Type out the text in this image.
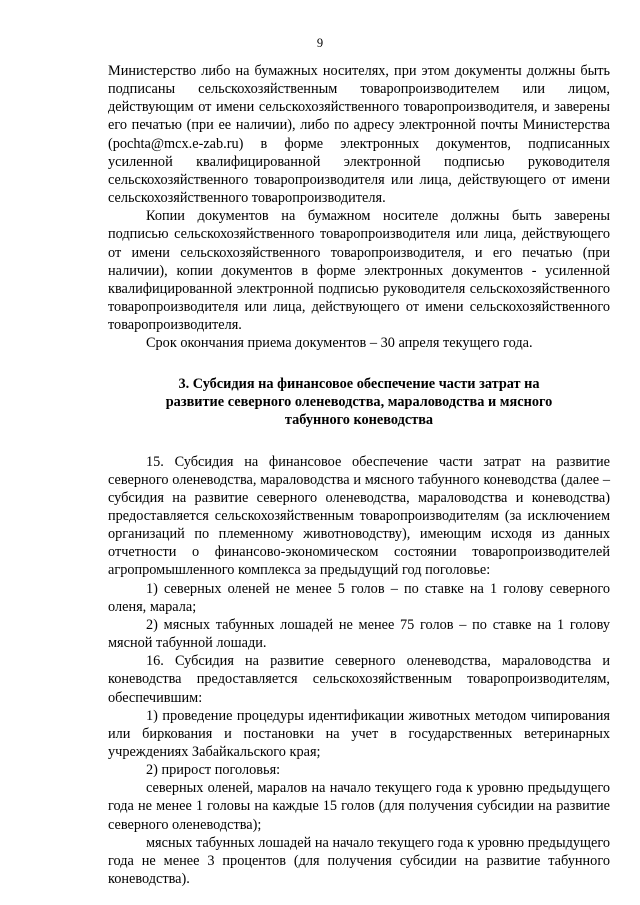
9

Министерство либо на бумажных носителях, при этом документы должны быть подписаны сельскохозяйственным товаропроизводителем или лицом, действующим от имени сельскохозяйственного товаропроизводителя, и заверены его печатью (при ее наличии), либо по адресу электронной почты Министерства (pochta@mcx.e-zab.ru) в форме электронных документов, подписанных усиленной квалифицированной электронной подписью руководителя сельскохозяйственного товаропроизводителя или лица, действующего от имени сельскохозяйственного товаропроизводителя.

Копии документов на бумажном носителе должны быть заверены подписью сельскохозяйственного товаропроизводителя или лица, действующего от имени сельскохозяйственного товаропроизводителя, и его печатью (при наличии), копии документов в форме электронных документов - усиленной квалифицированной электронной подписью руководителя сельскохозяйственного товаропроизводителя или лица, действующего от имени сельскохозяйственного товаропроизводителя.

Срок окончания приема документов – 30 апреля текущего года.

3. Субсидия на финансовое обеспечение части затрат на развитие северного оленеводства, мараловодства и мясного табунного коневодства

15. Субсидия на финансовое обеспечение части затрат на развитие северного оленеводства, мараловодства и мясного табунного коневодства (далее – субсидия на развитие северного оленеводства, мараловодства и коневодства) предоставляется сельскохозяйственным товаропроизводителям (за исключением организаций по племенному животноводству), имеющим исходя из данных отчетности о финансово-экономическом состоянии товаропроизводителей агропромышленного комплекса за предыдущий год поголовье:

1) северных оленей не менее 5 голов – по ставке на 1 голову северного оленя, марала;

2) мясных табунных лошадей не менее 75 голов – по ставке на 1 голову мясной табунной лошади.

16. Субсидия на развитие северного оленеводства, мараловодства и коневодства предоставляется сельскохозяйственным товаропроизводителям, обеспечившим:

1) проведение процедуры идентификации животных методом чипирования или биркования и постановки на учет в государственных ветеринарных учреждениях Забайкальского края;

2) прирост поголовья:

северных оленей, маралов на начало текущего года к уровню предыдущего года не менее 1 головы на каждые 15 голов (для получения субсидии на развитие северного оленеводства);

мясных табунных лошадей на начало текущего года к уровню предыдущего года не менее 3 процентов (для получения субсидии на развитие табунного коневодства).
